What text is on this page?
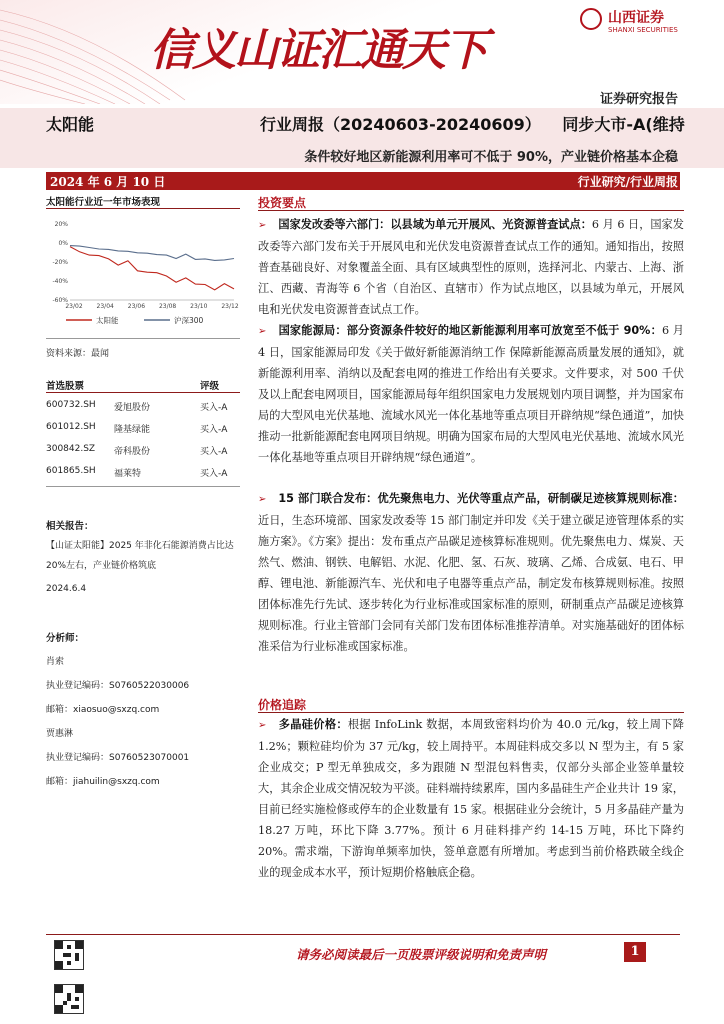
信义山证汇通天下
山西证券
SHANXI SECURITIES
证券研究报告
太阳能	行业周报（20240603-20240609） 同步大市-A(维持
条件较好地区新能源利用率可不低于 90%，产业链价格基本企稳
2024 年 6 月 10 日	行业研究/行业周报
太阳能行业近一年市场表现
20%
0%
-20%
-40%
-60%
23/02 23/04 23/06 23/08 23/10 23/12
太阳能	沪深300
资料来源：最闻
首选股票	评级
600732.SH 爱旭股份	买入-A
601012.SH 隆基绿能	买入-A
300842.SZ 帝科股份	买入-A
601865.SH 福莱特	买入-A
相关报告：
【山证太阳能】2025 年非化石能源消费占比达 20%左右，产业链价格筑底
2024.6.4
分析师：
肖索
执业登记编码：S0760522030006
邮箱：xiaosuo@sxzq.com
贾惠淋
执业登记编码：S0760523070001
邮箱：jiahuilin@sxzq.com
投资要点
➢ 国家发改委等六部门：以县域为单元开展风、光资源普查试点：6 月 6 日，国家发改委等六部门发布关于开展风电和光伏发电资源普查试点工作的通知。通知指出，按照普查基础良好、对象覆盖全面、具有区域典型性的原则，选择河北、内蒙古、上海、浙江、西藏、青海等 6 个省（自治区、直辖市）作为试点地区，以县域为单元，开展风电和光伏发电资源普查试点工作。
➢ 国家能源局：部分资源条件较好的地区新能源利用率可放宽至不低于 90%：6 月 4 日，国家能源局印发《关于做好新能源消纳工作 保障新能源高质量发展的通知》，就新能源利用率、消纳以及配套电网的推进工作给出有关要求。文件要求，对 500 千伏及以上配套电网项目，国家能源局每年组织国家电力发展规划内项目调整，并为国家布局的大型风电光伏基地、流域水风光一体化基地等重点项目开辟纳规“绿色通道”，加快推动一批新能源配套电网项目纳规。明确为国家布局的大型风电光伏基地、流域水风光一体化基地等重点项目开辟纳规“绿色通道”。
➢ 15 部门联合发布：优先聚焦电力、光伏等重点产品，研制碳足迹核算规则标准：近日，生态环境部、国家发改委等 15 部门制定并印发《关于建立碳足迹管理体系的实施方案》。《方案》提出：发布重点产品碳足迹核算标准规则。优先聚焦电力、煤炭、天然气、燃油、钢铁、电解铝、水泥、化肥、氢、石灰、玻璃、乙烯、合成氨、电石、甲醇、锂电池、新能源汽车、光伏和电子电器等重点产品，制定发布核算规则标准。按照团体标准先行先试、逐步转化为行业标准或国家标准的原则，研制重点产品碳足迹核算规则标准。行业主管部门会同有关部门发布团体标准推荐清单。对实施基础好的团体标准采信为行业标准或国家标准。
价格追踪
➢ 多晶硅价格：根据 InfoLink 数据，本周致密料均价为 40.0 元/kg，较上周下降 1.2%；颗粒硅均价为 37 元/kg，较上周持平。本周硅料成交多以 N 型为主，有 5 家企业成交；P 型无单独成交，多为跟随 N 型混包料售卖，仅部分头部企业签单量较大，其余企业成交情况较为平淡。硅料端持续累库，国内多晶硅生产企业共计 19 家，目前已经实施检修或停车的企业数量有 15 家。根据硅业分会统计，5 月多晶硅产量为 18.27 万吨，环比下降 3.77%。预计 6 月硅料排产约 14-15 万吨，环比下降约 20%。需求端，下游询单频率加快，签单意愿有所增加。考虑到当前价格跌破全线企业的现金成本水平，预计短期价格触底企稳。
请务必阅读最后一页股票评级说明和免责声明	1
